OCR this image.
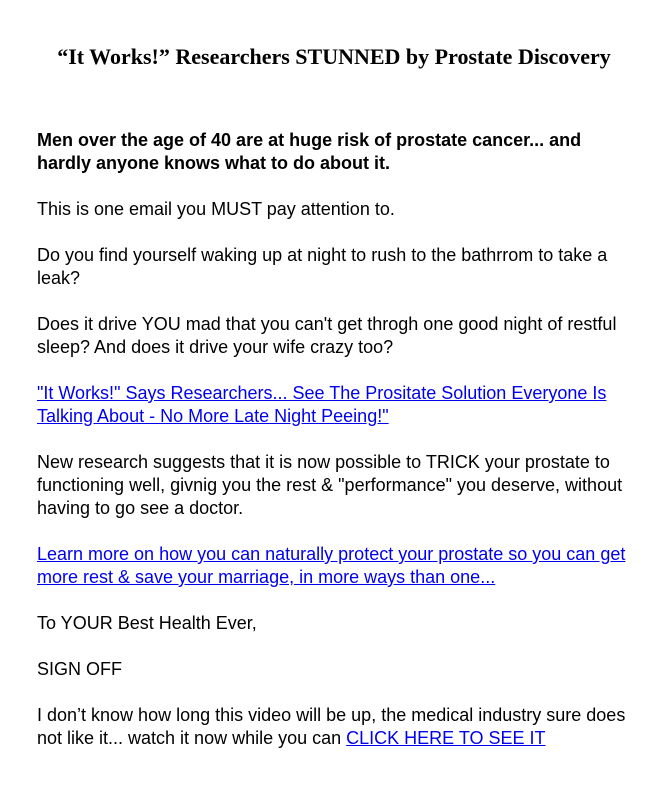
“It Works!” Researchers STUNNED by Prostate Discovery

Men over the age of 40 are at huge risk of prostate cancer... and hardly anyone knows what to do about it.

This is one email you MUST pay attention to.

Do you find yourself waking up at night to rush to the bathrrom to take a leak?

Does it drive YOU mad that you can't get throgh one good night of restful sleep? And does it drive your wife crazy too?

"It Works!" Says Researchers... See The Prositate Solution Everyone Is Talking About - No More Late Night Peeing!"

New research suggests that it is now possible to TRICK your prostate to functioning well, givnig you the rest & "performance" you deserve, without having to go see a doctor.

Learn more on how you can naturally protect your prostate so you can get more rest & save your marriage, in more ways than one...

To YOUR Best Health Ever,

SIGN OFF

I don’t know how long this video will be up, the medical industry sure does not like it... watch it now while you can CLICK HERE TO SEE IT
